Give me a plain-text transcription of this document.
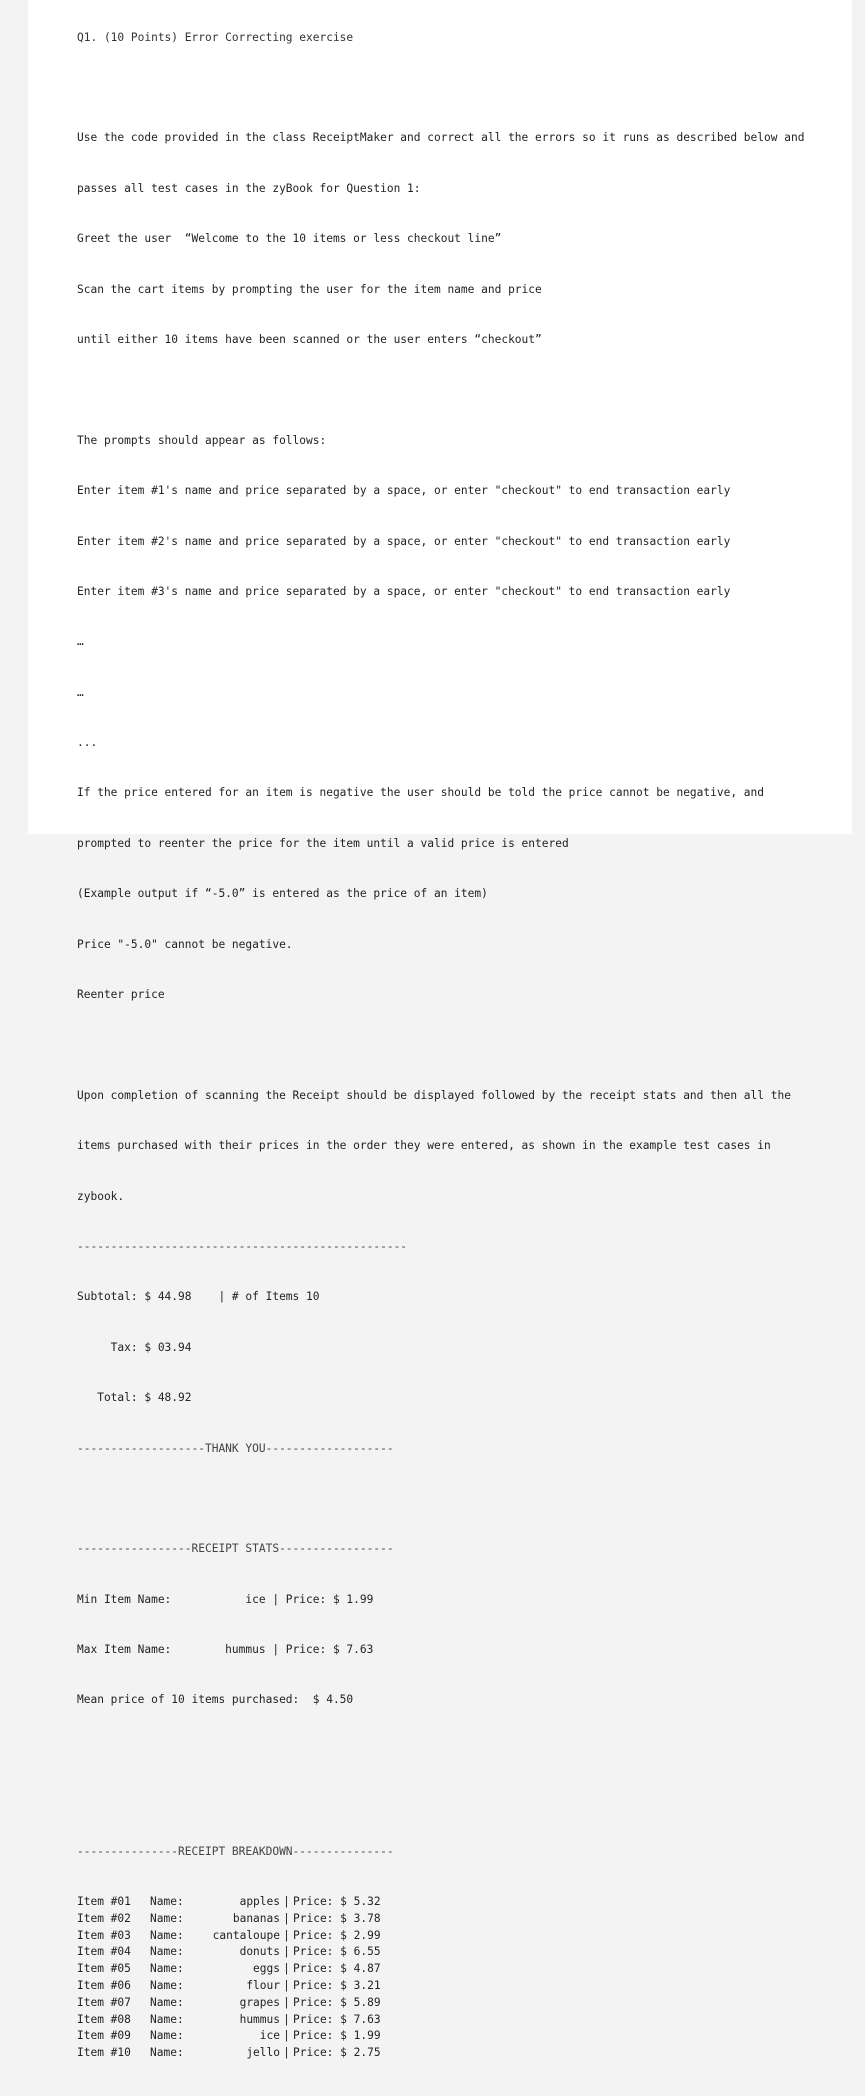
Q1. (10 Points) Error Correcting exercise

Use the code provided in the class ReceiptMaker and correct all the errors so it runs as described below and

passes all test cases in the zyBook for Question 1:

Greet the user  “Welcome to the 10 items or less checkout line”

Scan the cart items by prompting the user for the item name and price

until either 10 items have been scanned or the user enters “checkout”

The prompts should appear as follows:

Enter item #1's name and price separated by a space, or enter "checkout" to end transaction early

Enter item #2's name and price separated by a space, or enter "checkout" to end transaction early

Enter item #3's name and price separated by a space, or enter "checkout" to end transaction early

…

…

...

If the price entered for an item is negative the user should be told the price cannot be negative, and

prompted to reenter the price for the item until a valid price is entered

(Example output if “-5.0” is entered as the price of an item)

Price "-5.0" cannot be negative.

Reenter price

Upon completion of scanning the Receipt should be displayed followed by the receipt stats and then all the

items purchased with their prices in the order they were entered, as shown in the example test cases in

zybook.

-------------------------------------------------

Subtotal: $ 44.98    | # of Items 10

Tax: $ 03.94

Total: $ 48.92

-------------------THANK YOU-------------------

-----------------RECEIPT STATS-----------------

Min Item Name:           ice | Price: $ 1.99

Max Item Name:        hummus | Price: $ 7.63

Mean price of 10 items purchased:  $ 4.50

---------------RECEIPT BREAKDOWN---------------

Item #01 Name:	apples | Price: $ 5.32
Item #02 Name:	bananas | Price: $ 3.78
Item #03 Name:	cantaloupe | Price: $ 2.99
Item #04 Name:	donuts | Price: $ 6.55
Item #05 Name:	eggs | Price: $ 4.87
Item #06 Name:	flour | Price: $ 3.21
Item #07 Name:	grapes | Price: $ 5.89
Item #08 Name:	hummus | Price: $ 7.63
Item #09 Name:	ice | Price: $ 1.99
Item #10 Name:	jello | Price: $ 2.75
